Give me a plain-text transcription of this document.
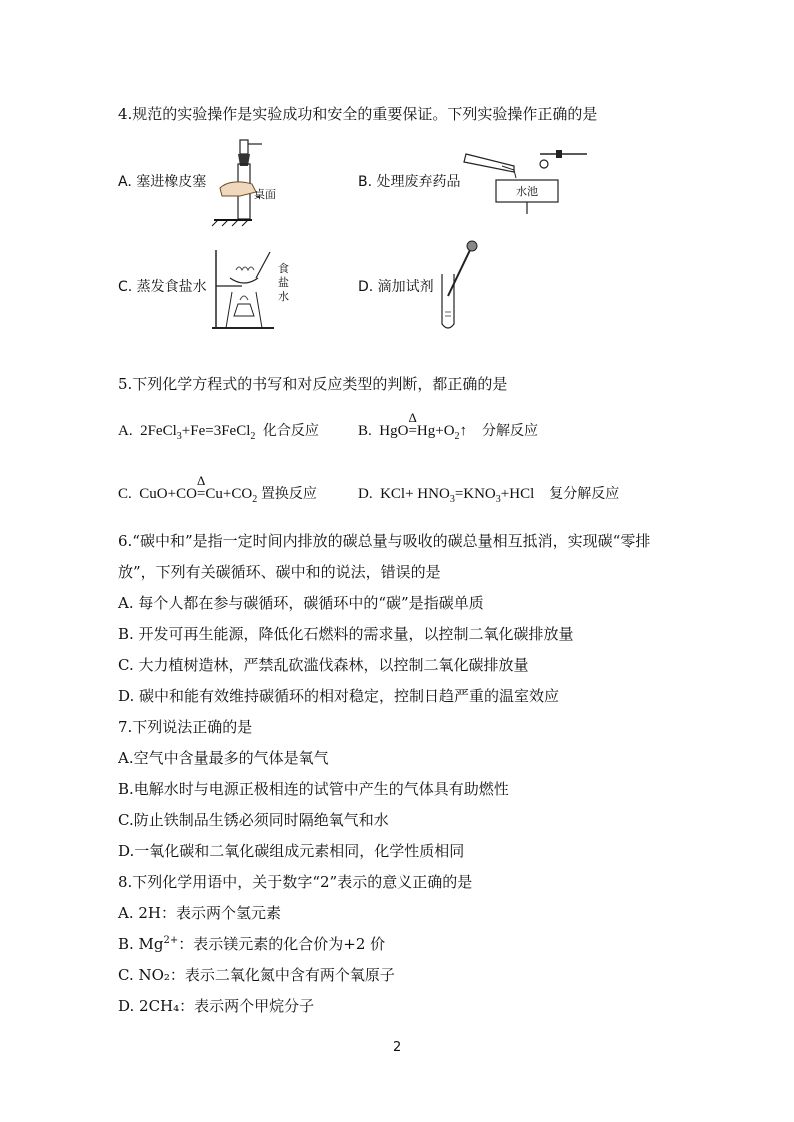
4.规范的实验操作是实验成功和安全的重要保证。下列实验操作正确的是
A. 塞进橡皮塞
桌面
B. 处理废弃药品
水池
C. 蒸发食盐水
食
盐
水
D. 滴加试剂
5.下列化学方程式的书写和对反应类型的判断，都正确的是
A. 2FeCl$_3$+Fe=3FeCl$_2$ 化合反应	B. HgO=
Δ
$Hg+O_2↑$ 分解反应
C. CuO+CO=
Δ
$Cu+CO_2$ 置换反应	D. $KCl+ HNO_3=KNO_3+HCl$ 复分解反应
6.“碳中和”是指一定时间内排放的碳总量与吸收的碳总量相互抵消，实现碳“零排
放”，下列有关碳循环、碳中和的说法，错误的是
A. 每个人都在参与碳循环，碳循环中的“碳”是指碳单质
B. 开发可再生能源，降低化石燃料的需求量，以控制二氧化碳排放量
C. 大力植树造林，严禁乱砍滥伐森林，以控制二氧化碳排放量
D. 碳中和能有效维持碳循环的相对稳定，控制日趋严重的温室效应
7.下列说法正确的是
A.空气中含量最多的气体是氧气
B.电解水时与电源正极相连的试管中产生的气体具有助燃性
C.防止铁制品生锈必须同时隔绝氧气和水
D.一氧化碳和二氧化碳组成元素相同，化学性质相同
8.下列化学用语中，关于数字“2”表示的意义正确的是
A. 2H：表示两个氢元素
B. $Mg^{2+}$：表示镁元素的化合价为+2 价
C. NO₂：表示二氧化氮中含有两个氧原子
D. 2CH₄：表示两个甲烷分子
2
